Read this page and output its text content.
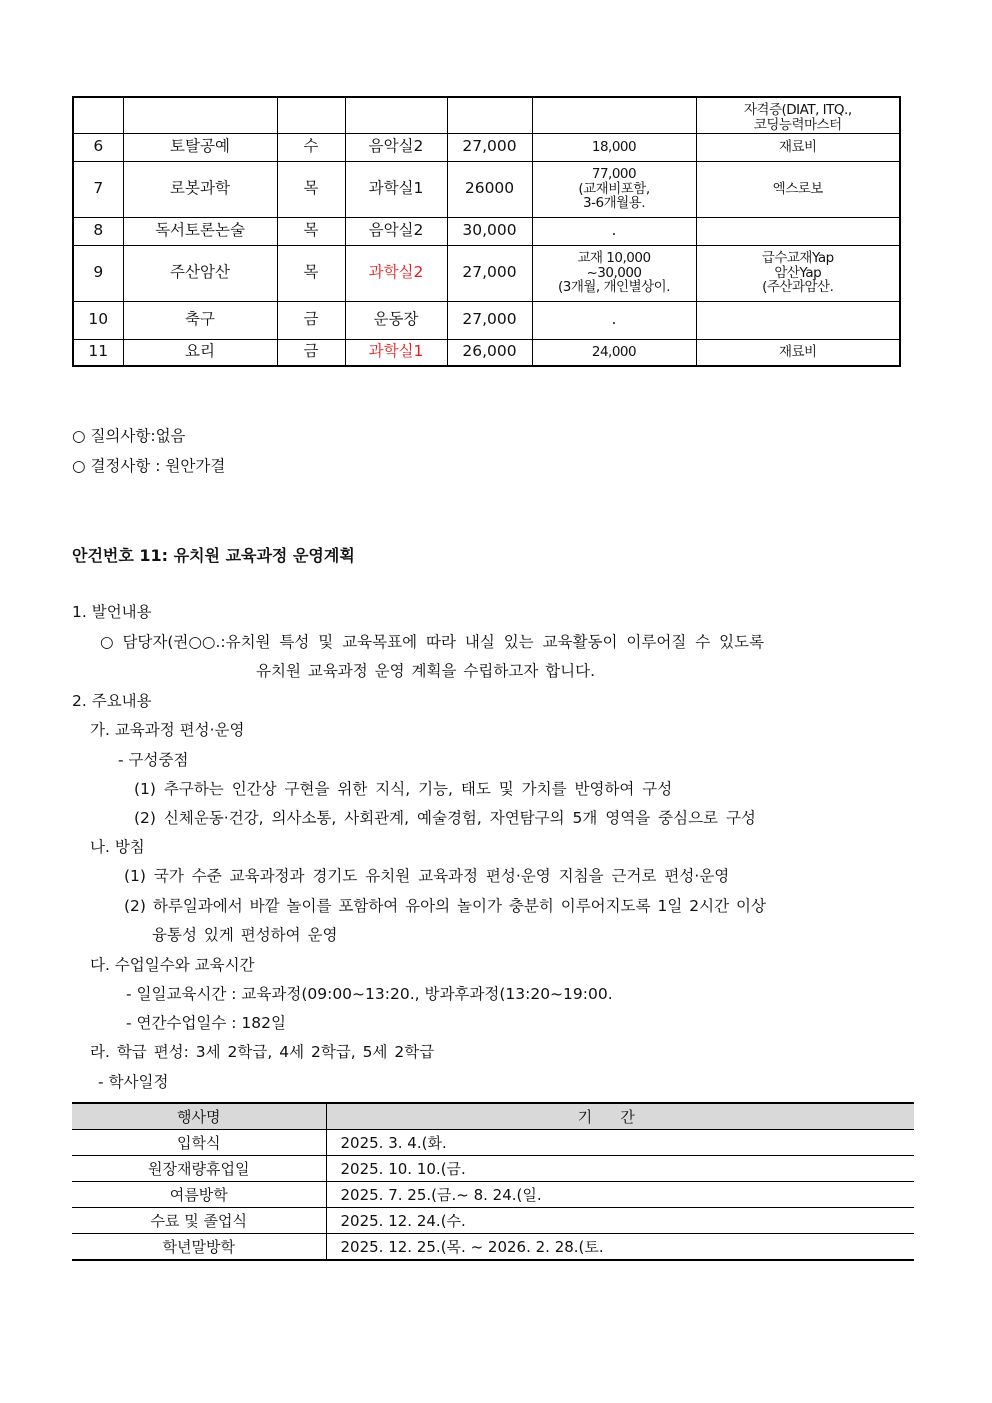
						자격증(DIAT, ITQ.,
코딩능력마스터
6	토탈공예	수	음악실2	27,000	18,000	재료비
7	로봇과학	목	과학실1	26000	77,000
(교재비포함,
3-6개월용.	엑스로보
8	독서토론논술	목	음악실2	30,000	.	
9	주산암산	목	과학실2	27,000	교재 10,000
~30,000
(3개월, 개인별상이.	급수교재Yap
암산Yap
(주산과암산.
10	축구	금	운동장	27,000	.	
11	요리	금	과학실1	26,000	24,000	재료비
○ 질의사항:없음
○ 결정사항 : 원안가결
안건번호 11: 유치원 교육과정 운영계획
1. 발언내용
○ 담당자(권○○.:유치원 특성 및 교육목표에 따라 내실 있는 교육활동이 이루어질 수 있도록
유치원 교육과정 운영 계획을 수립하고자 합니다.
2. 주요내용
가. 교육과정 편성·운영
- 구성중점
(1) 추구하는 인간상 구현을 위한 지식, 기능, 태도 및 가치를 반영하여 구성
(2) 신체운동·건강, 의사소통, 사회관계, 예술경험, 자연탐구의 5개 영역을 중심으로 구성
나. 방침
(1) 국가 수준 교육과정과 경기도 유치원 교육과정 편성·운영 지침을 근거로 편성·운영
(2) 하루일과에서 바깥 놀이를 포함하여 유아의 놀이가 충분히 이루어지도록 1일 2시간 이상
융통성 있게 편성하여 운영
다. 수업일수와 교육시간
- 일일교육시간 : 교육과정(09:00~13:20., 방과후과정(13:20~19:00.
- 연간수업일수 : 182일
라. 학급 편성: 3세 2학급, 4세 2학급, 5세 2학급
- 학사일정
행사명	기간
입학식	2025. 3. 4.(화.
원장재량휴업일	2025. 10. 10.(금.
여름방학	2025. 7. 25.(금.~ 8. 24.(일.
수료 및 졸업식	2025. 12. 24.(수.
학년말방학	2025. 12. 25.(목. ~ 2026. 2. 28.(토.
